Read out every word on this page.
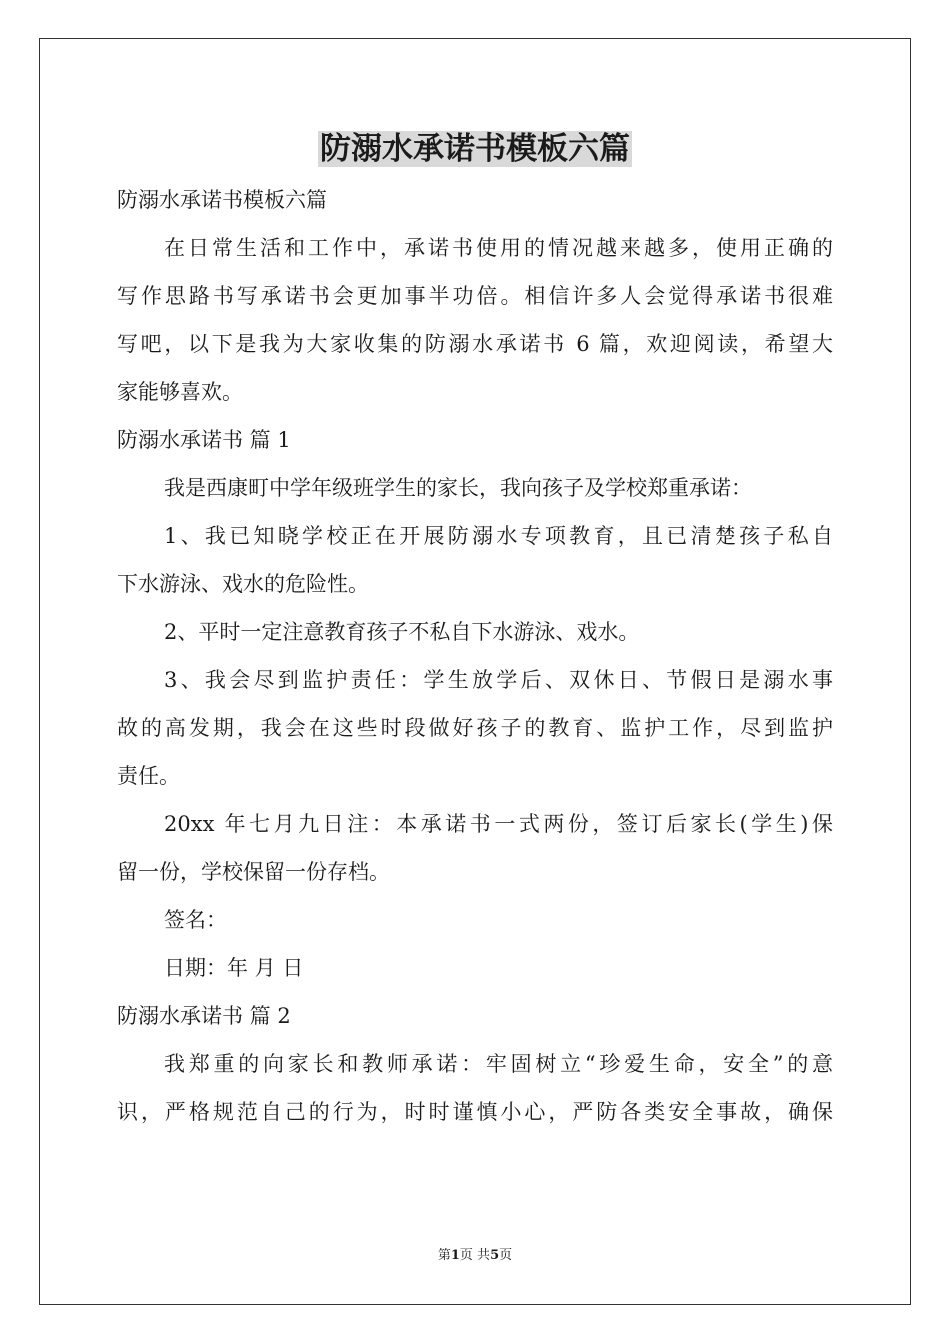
防溺水承诺书模板六篇
防溺水承诺书模板六篇
在日常生活和工作中，承诺书使用的情况越来越多，使用正确的
写作思路书写承诺书会更加事半功倍。相信许多人会觉得承诺书很难
写吧，以下是我为大家收集的防溺水承诺书 6 篇，欢迎阅读，希望大
家能够喜欢。
防溺水承诺书 篇 1
我是西康町中学年级班学生的家长，我向孩子及学校郑重承诺：
1、我已知晓学校正在开展防溺水专项教育，且已清楚孩子私自
下水游泳、戏水的危险性。
2、平时一定注意教育孩子不私自下水游泳、戏水。
3、我会尽到监护责任：学生放学后、双休日、节假日是溺水事
故的高发期，我会在这些时段做好孩子的教育、监护工作，尽到监护
责任。
20xx 年七月九日注：本承诺书一式两份，签订后家长(学生)保
留一份，学校保留一份存档。
签名：
日期：年 月 日
防溺水承诺书 篇 2
我郑重的向家长和教师承诺：牢固树立“珍爱生命，安全”的意
识，严格规范自己的行为，时时谨慎小心，严防各类安全事故，确保
第1页 共5页
